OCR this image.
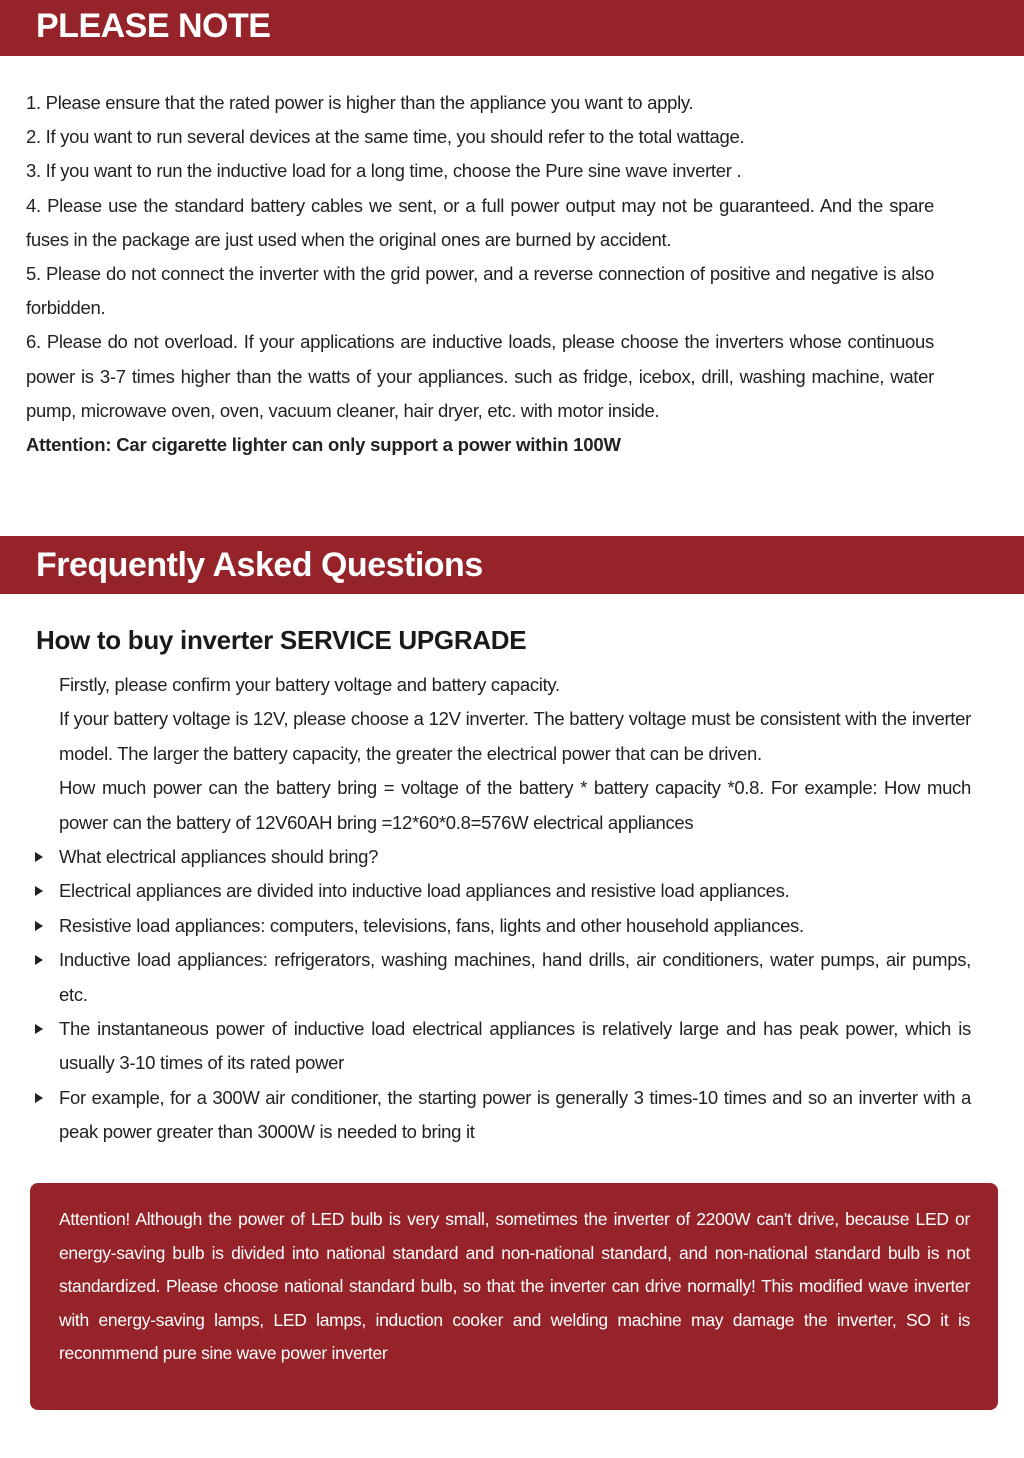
PLEASE NOTE

1. Please ensure that the rated power is higher than the appliance you want to apply.

2. If you want to run several devices at the same time, you should refer to the total wattage.

3. If you want to run the inductive load for a long time, choose the Pure sine wave inverter .

4. Please use the standard battery cables we sent, or a full power output may not be guaranteed. And the spare fuses in the package are just used when the original ones are burned by accident.

5. Please do not connect the inverter with the grid power, and a reverse connection of positive and negative is also forbidden.

6. Please do not overload. If your applications are inductive loads, please choose the inverters whose continuous power is 3-7 times higher than the watts of your appliances. such as fridge, icebox, drill, washing machine, water pump, microwave oven, oven, vacuum cleaner, hair dryer, etc. with motor inside.

Attention: Car cigarette lighter can only support a power within 100W

Frequently Asked Questions
How to buy inverter SERVICE UPGRADE

Firstly, please confirm your battery voltage and battery capacity.

If your battery voltage is 12V, please choose a 12V inverter. The battery voltage must be consistent with the inverter model. The larger the battery capacity, the greater the electrical power that can be driven.

How much power can the battery bring = voltage of the battery * battery capacity *0.8. For example: How much power can the battery of 12V60AH bring =12*60*0.8=576W electrical appliances

What electrical appliances should bring?
Electrical appliances are divided into inductive load appliances and resistive load appliances.
Resistive load appliances: computers, televisions, fans, lights and other household appliances.
Inductive load appliances: refrigerators, washing machines, hand drills, air conditioners, water pumps, air pumps, etc.
The instantaneous power of inductive load electrical appliances is relatively large and has peak power, which is usually 3-10 times of its rated power
For example, for a 300W air conditioner, the starting power is generally 3 times-10 times and so an inverter with a peak power greater than 3000W is needed to bring it

Attention! Although the power of LED bulb is very small, sometimes the inverter of 2200W can't drive, because LED or energy-saving bulb is divided into national standard and non-national standard, and non-national standard bulb is not standardized. Please choose national standard bulb, so that the inverter can drive normally! This modified wave inverter with energy-saving lamps, LED lamps, induction cooker and welding machine may damage the inverter, SO it is reconmmend pure sine wave power inverter
